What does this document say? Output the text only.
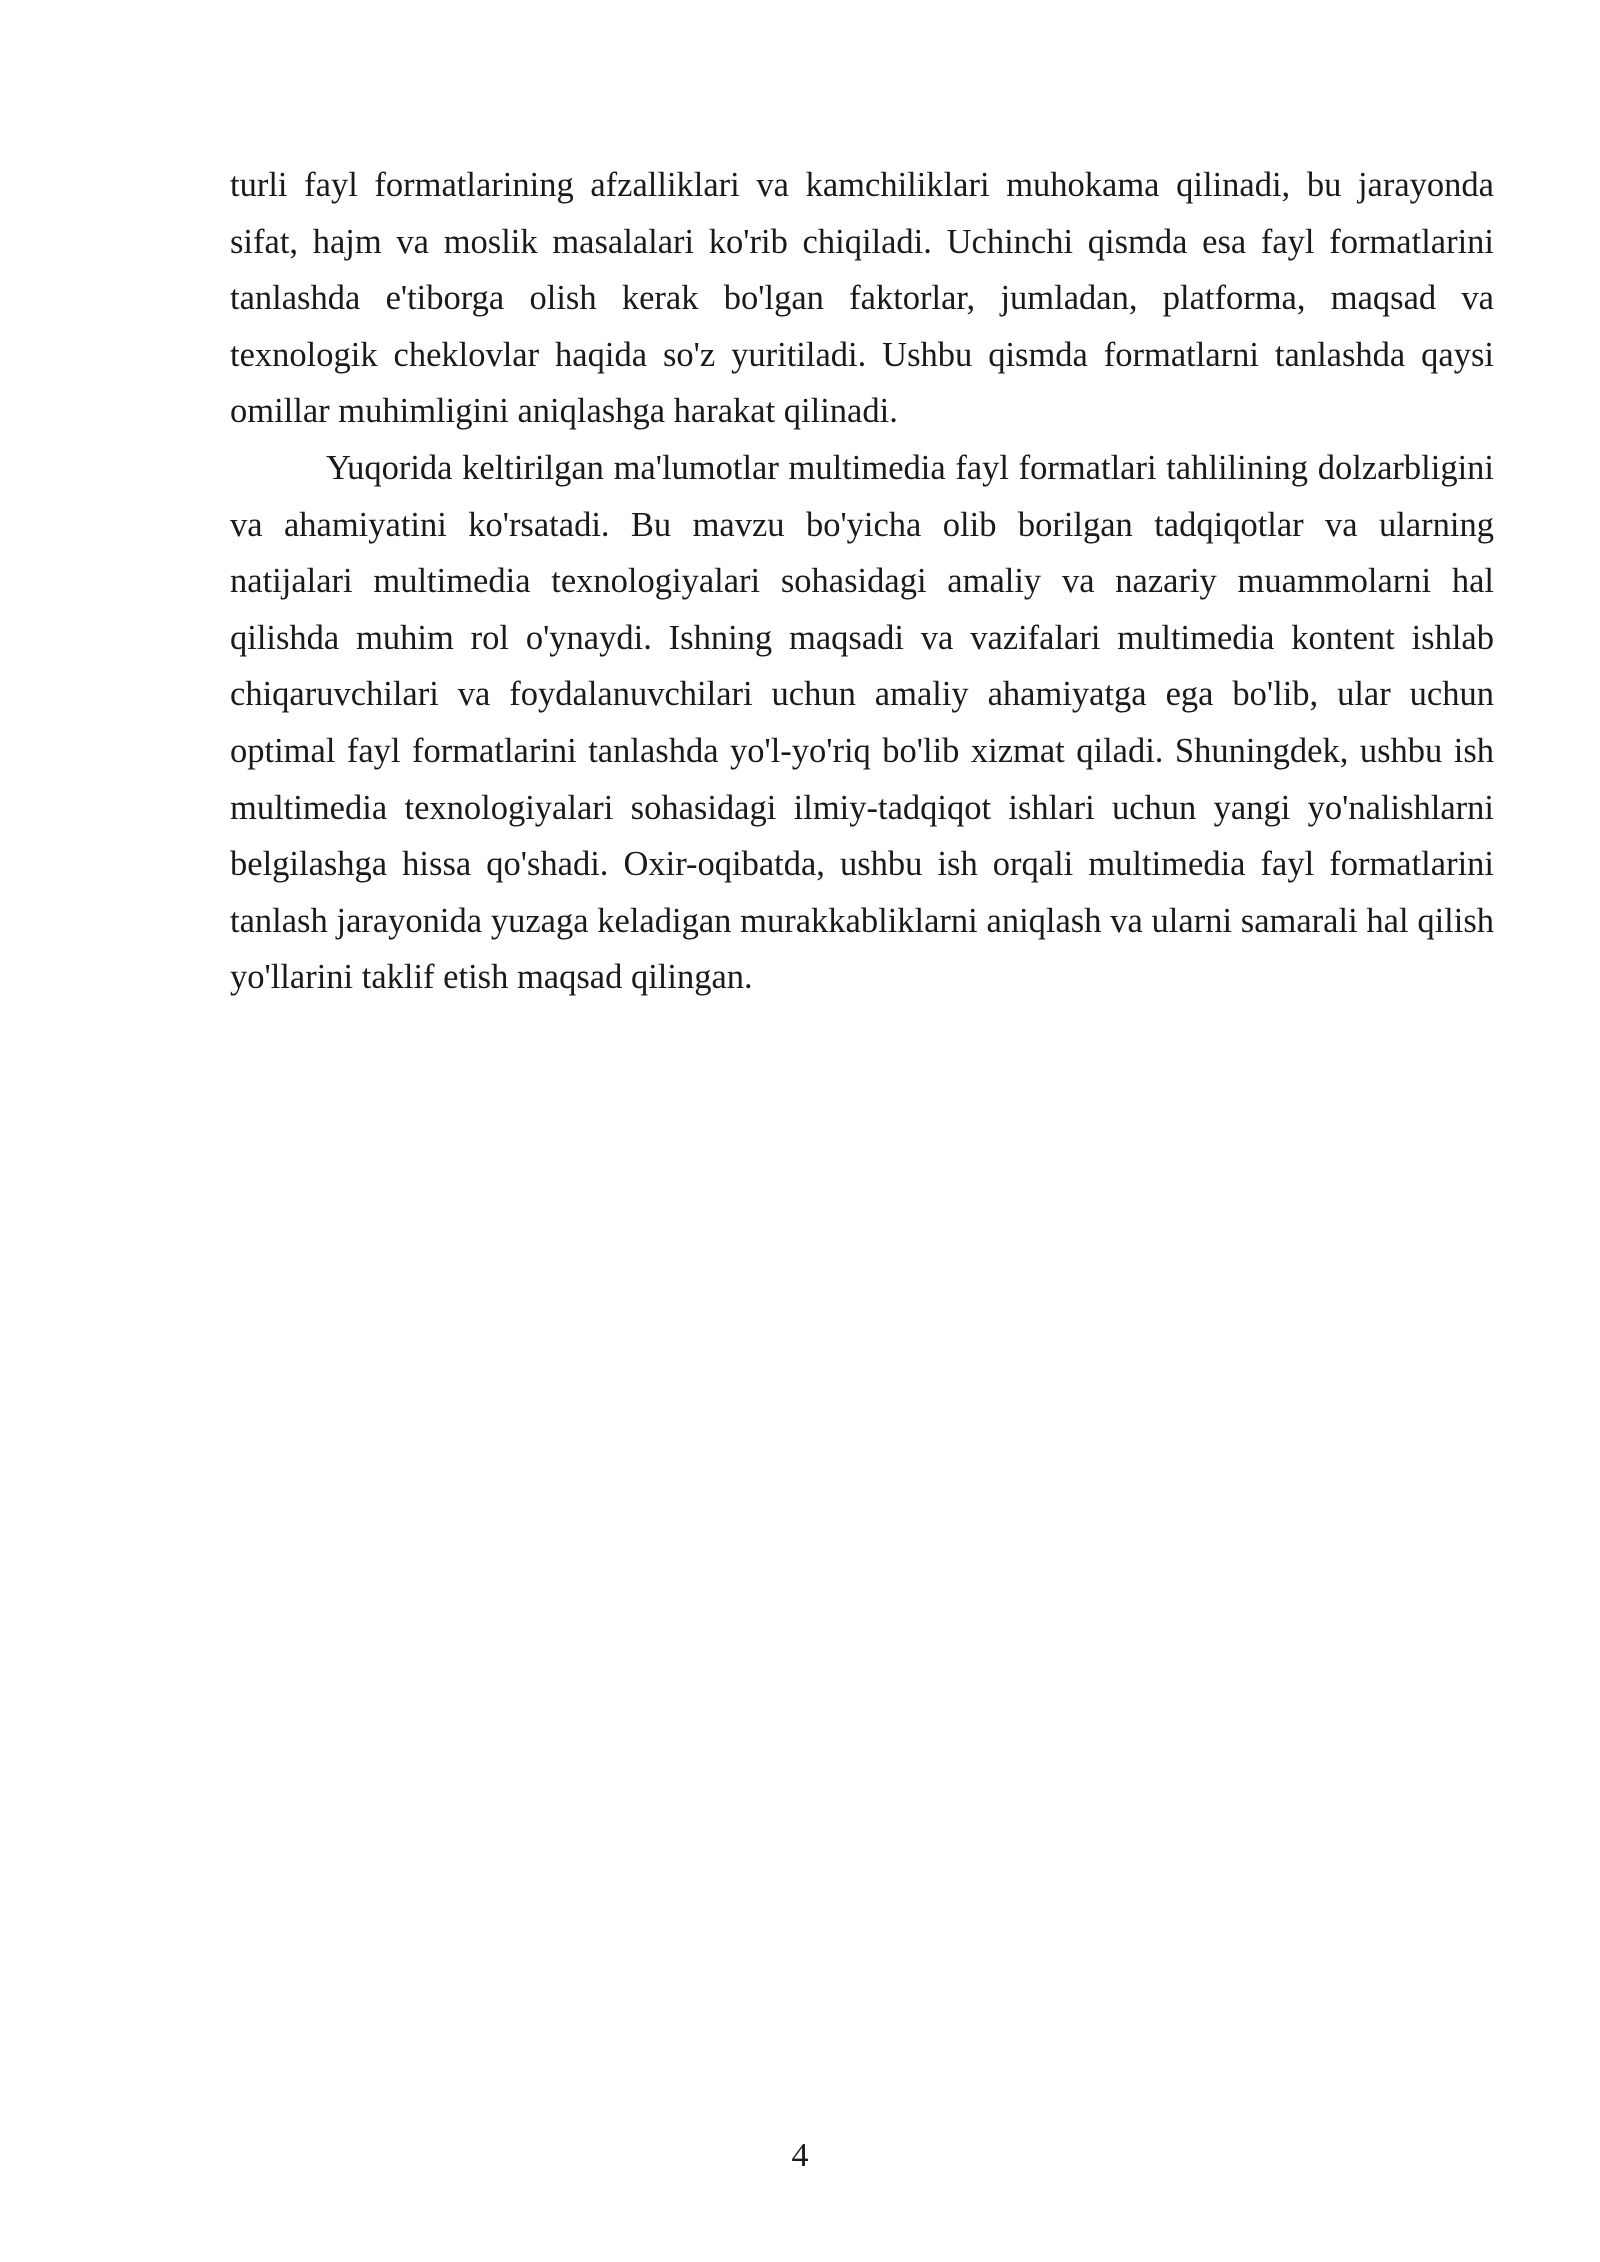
turli fayl formatlarining afzalliklari va kamchiliklari muhokama qilinadi, bu jarayonda sifat, hajm va moslik masalalari ko'rib chiqiladi. Uchinchi qismda esa fayl formatlarini tanlashda e'tiborga olish kerak bo'lgan faktorlar, jumladan, platforma, maqsad va texnologik cheklovlar haqida so'z yuritiladi. Ushbu qismda formatlarni tanlashda qaysi omillar muhimligini aniqlashga harakat qilinadi.

Yuqorida keltirilgan ma'lumotlar multimedia fayl formatlari tahlilining dolzarbligini va ahamiyatini ko'rsatadi. Bu mavzu bo'yicha olib borilgan tadqiqotlar va ularning natijalari multimedia texnologiyalari sohasidagi amaliy va nazariy muammolarni hal qilishda muhim rol o'ynaydi. Ishning maqsadi va vazifalari multimedia kontent ishlab chiqaruvchilari va foydalanuvchilari uchun amaliy ahamiyatga ega bo'lib, ular uchun optimal fayl formatlarini tanlashda yo'l-yo'riq bo'lib xizmat qiladi. Shuningdek, ushbu ish multimedia texnologiyalari sohasidagi ilmiy-tadqiqot ishlari uchun yangi yo'nalishlarni belgilashga hissa qo'shadi. Oxir-oqibatda, ushbu ish orqali multimedia fayl formatlarini tanlash jarayonida yuzaga keladigan murakkabliklarni aniqlash va ularni samarali hal qilish yo'llarini taklif etish maqsad qilingan.

4
